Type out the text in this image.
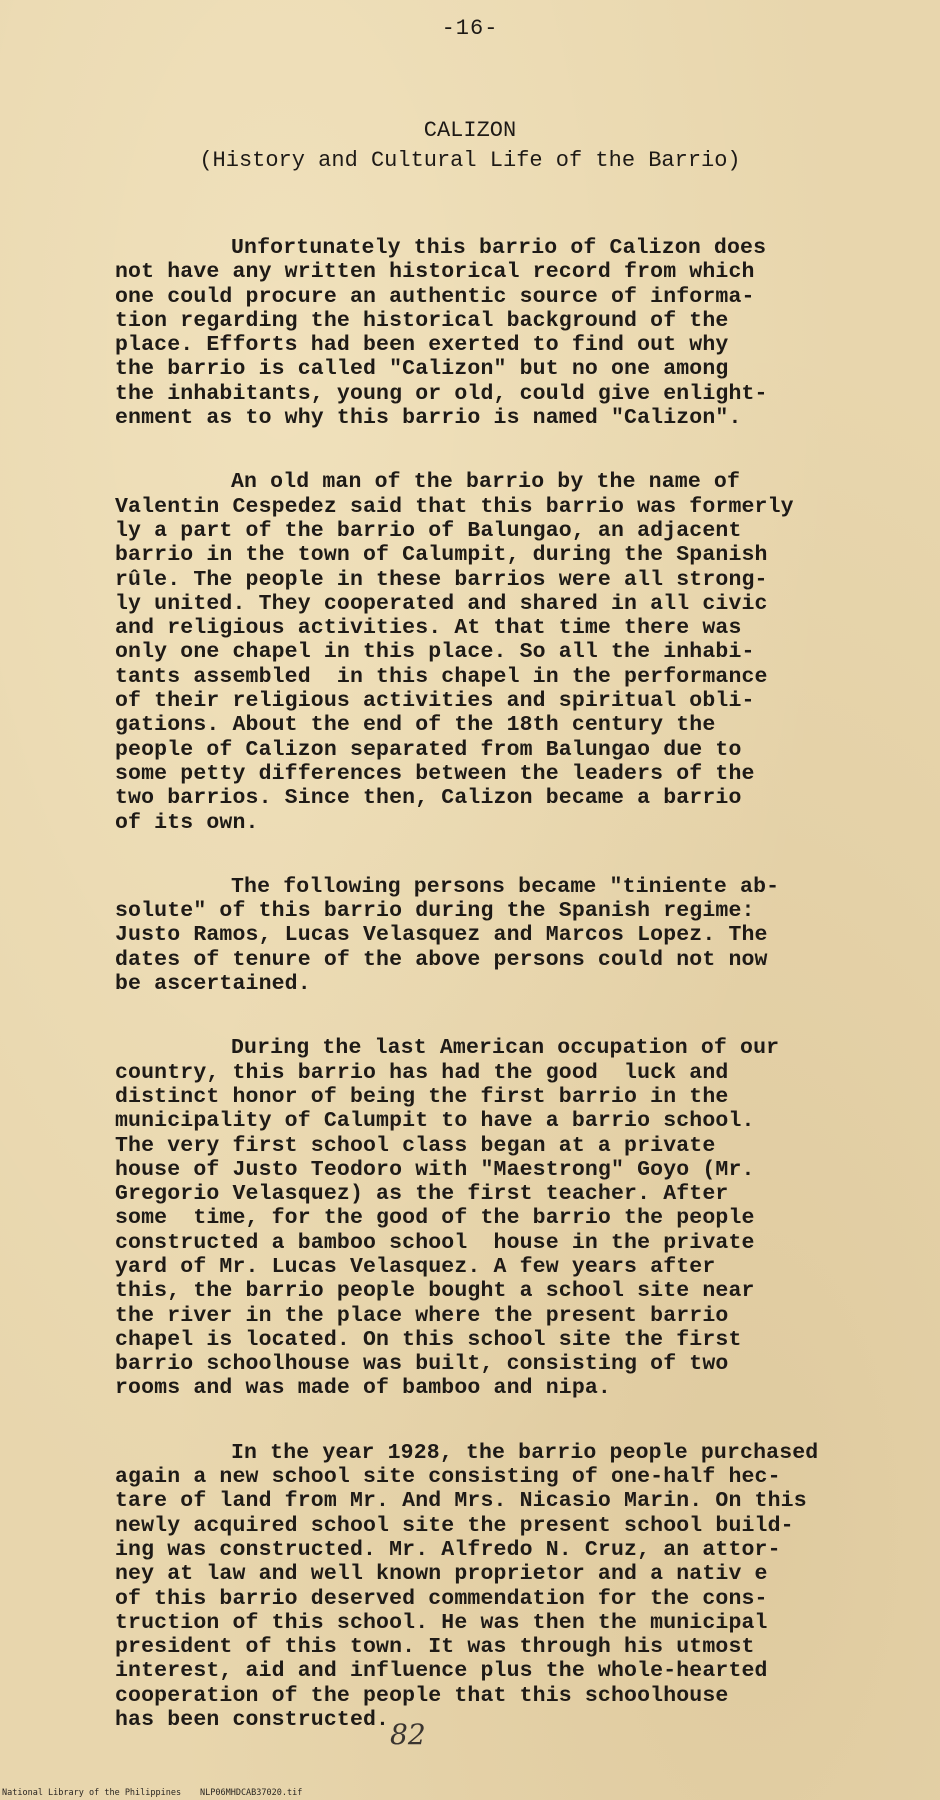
-16-
CALIZON
(History and Cultural Life of the Barrio)
Unfortunately this barrio of Calizon does
not have any written historical record from which
one could procure an authentic source of informa-
tion regarding the historical background of the
place. Efforts had been exerted to find out why
the barrio is called "Calizon" but no one among
the inhabitants, young or old, could give enlight-
enment as to why this barrio is named "Calizon".
An old man of the barrio by the name of
Valentin Cespedez said that this barrio was formerly
ly a part of the barrio of Balungao, an adjacent
barrio in the town of Calumpit, during the Spanish
rûle. The people in these barrios were all strong-
ly united. They cooperated and shared in all civic
and religious activities. At that time there was
only one chapel in this place. So all the inhabi-
tants assembled  in this chapel in the performance
of their religious activities and spiritual obli-
gations. About the end of the 18th century the
people of Calizon separated from Balungao due to
some petty differences between the leaders of the
two barrios. Since then, Calizon became a barrio
of its own.
The following persons became "tiniente ab-
solute" of this barrio during the Spanish regime:
Justo Ramos, Lucas Velasquez and Marcos Lopez. The
dates of tenure of the above persons could not now
be ascertained.
During the last American occupation of our
country, this barrio has had the good  luck and
distinct honor of being the first barrio in the
municipality of Calumpit to have a barrio school.
The very first school class began at a private
house of Justo Teodoro with "Maestrong" Goyo (Mr.
Gregorio Velasquez) as the first teacher. After
some  time, for the good of the barrio the people
constructed a bamboo school  house in the private
yard of Mr. Lucas Velasquez. A few years after
this, the barrio people bought a school site near
the river in the place where the present barrio
chapel is located. On this school site the first
barrio schoolhouse was built, consisting of two
rooms and was made of bamboo and nipa.
In the year 1928, the barrio people purchased
again a new school site consisting of one-half hec-
tare of land from Mr. And Mrs. Nicasio Marin. On this
newly acquired school site the present school build-
ing was constructed. Mr. Alfredo N. Cruz, an attor-
ney at law and well known proprietor and a nativ e
of this barrio deserved commendation for the cons-
truction of this school. He was then the municipal
president of this town. It was through his utmost
interest, aid and influence plus the whole-hearted
cooperation of the people that this schoolhouse
has been constructed. 82

National Library of the Philippines

NLP06MHDCAB37020.tif
